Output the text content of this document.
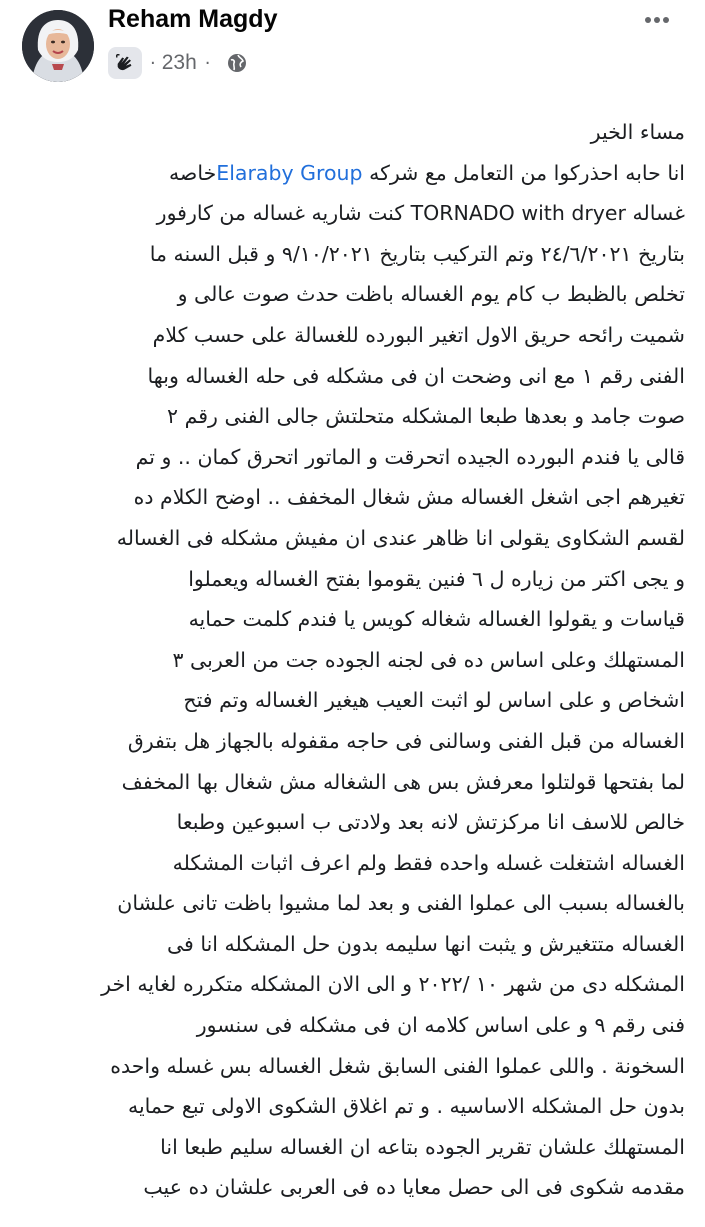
Reham Magdy
· 23h ·
مساء الخير
انا حابه احذركوا من التعامل مع شركه Elaraby Groupخاصه
غساله TORNADO with dryer كنت شاريه غساله من كارفور
بتاريخ ٢٤/٦/٢٠٢١ وتم التركيب بتاريخ ٩/١٠/٢٠٢١ و قبل السنه ما
تخلص بالظبط ب كام يوم الغساله باظت حدث صوت عالى و
شميت رائحه حريق الاول اتغير البورده للغسالة على حسب كلام
الفنى رقم ١ مع انى وضحت ان فى مشكله فى حله الغساله وبها
صوت جامد و بعدها طبعا المشكله متحلتش جالى الفنى رقم ٢
قالى يا فندم البورده الجيده اتحرقت و الماتور اتحرق كمان .. و تم
تغيرهم اجى اشغل الغساله مش شغال المخفف .. اوضح الكلام ده
لقسم الشكاوى يقولى انا ظاهر عندى ان مفيش مشكله فى الغساله
و يجى اكتر من زياره ل ٦ فنين يقوموا بفتح الغساله ويعملوا
قياسات و يقولوا الغساله شغاله كويس يا فندم كلمت حمايه
المستهلك وعلى اساس ده فى لجنه الجوده جت من العربى ٣
اشخاص و على اساس لو اثبت العيب هيغير الغساله وتم فتح
الغساله من قبل الفنى وسالنى فى حاجه مقفوله بالجهاز هل بتفرق
لما بفتحها قولتلوا معرفش بس هى الشغاله مش شغال بها المخفف
خالص للاسف انا مركزتش لانه بعد ولادتى ب اسبوعين وطبعا
الغساله اشتغلت غسله واحده فقط ولم اعرف اثبات المشكله
بالغساله بسبب الى عملوا الفنى و بعد لما مشيوا باظت تانى علشان
الغساله متتغيرش و يثبت انها سليمه بدون حل المشكله انا فى
المشكله دى من شهر ١٠ /٢٠٢٢ و الى الان المشكله متكرره لغايه اخر
فنى رقم ٩ و على اساس كلامه ان فى مشكله فى سنسور
السخونة . واللى عملوا الفنى السابق شغل الغساله بس غسله واحده
بدون حل المشكله الاساسيه . و تم اغلاق الشكوى الاولى تبع حمايه
المستهلك علشان تقرير الجوده بتاعه ان الغساله سليم طبعا انا
مقدمه شكوى فى الى حصل معايا ده فى العربى علشان ده عيب
